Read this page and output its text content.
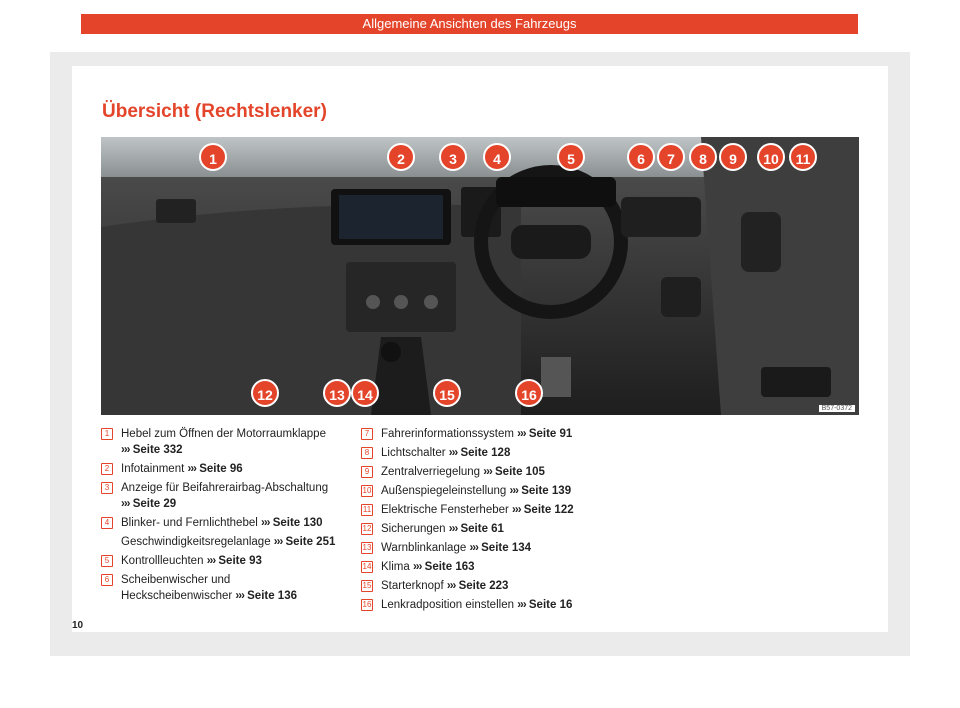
Allgemeine Ansichten des Fahrzeugs
Übersicht (Rechtslenker)
1	2	3	4	5	6	7	8	9	10	11
12	13 14	15	16
B57-0372
1	Hebel zum Öffnen der Motorraumklappe
››› Seite 332
2	Infotainment ››› Seite 96
3	Anzeige für Beifahrerairbag-Abschaltung
››› Seite 29
4	Blinker- und Fernlichthebel ››› Seite 130
Geschwindigkeitsregelanlage ››› Seite 251
5	Kontrollleuchten ››› Seite 93
6	Scheibenwischer und Heckscheibenwischer ››› Seite 136
7	Fahrerinformationssystem ››› Seite 91
8	Lichtschalter ››› Seite 128
9	Zentralverriegelung ››› Seite 105
10 Außenspiegeleinstellung ››› Seite 139
11 Elektrische Fensterheber ››› Seite 122
12 Sicherungen ››› Seite 61
13 Warnblinkanlage ››› Seite 134
14 Klima ››› Seite 163
15 Starterknopf ››› Seite 223
16 Lenkradposition einstellen ››› Seite 16
10
